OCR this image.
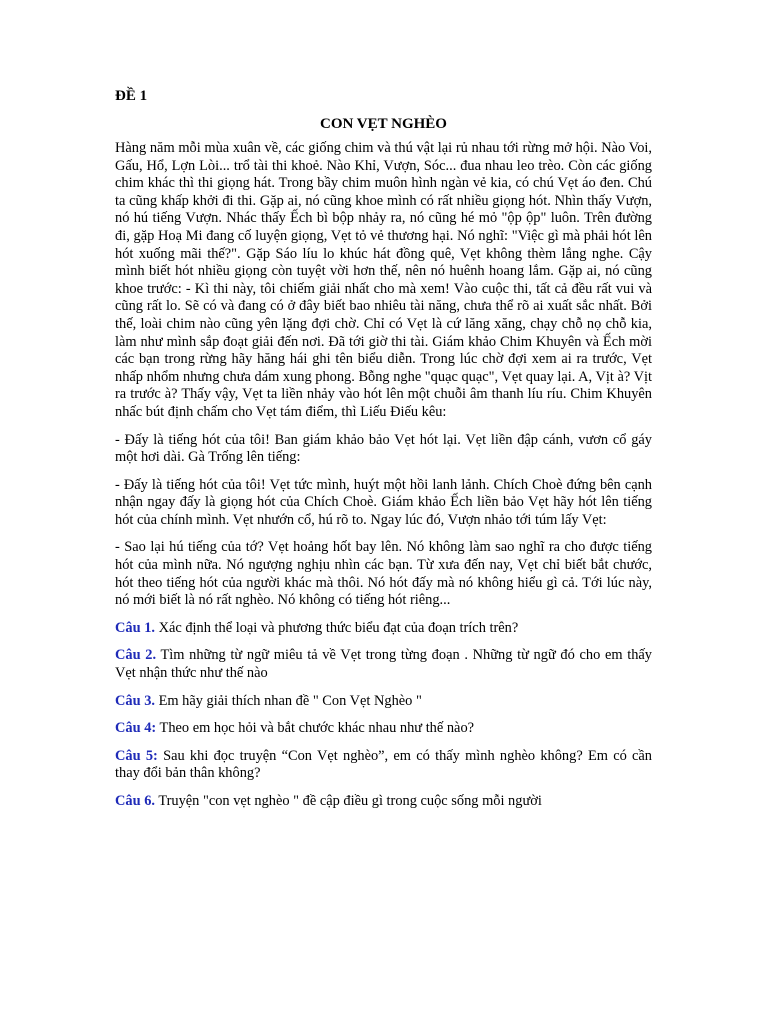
ĐỀ 1

CON VẸT NGHÈO

Hàng năm mỗi mùa xuân về, các giống chim và thú vật lại rủ nhau tới rừng mở hội. Nào Voi, Gấu, Hổ, Lợn Lòi... trổ tài thi khoẻ. Nào Khỉ, Vượn, Sóc... đua nhau leo trèo. Còn các giống chim khác thì thi giọng hát. Trong bầy chim muôn hình ngàn vẻ kia, có chú Vẹt áo đen. Chú ta cũng khấp khởi đi thi. Gặp ai, nó cũng khoe mình có rất nhiều giọng hót. Nhìn thấy Vượn, nó hú tiếng Vượn. Nhác thấy Ếch bì bộp nhảy ra, nó cũng hé mỏ "ộp ộp" luôn. Trên đường đi, gặp Hoạ Mi đang cố luyện giọng, Vẹt tỏ vẻ thương hại. Nó nghĩ: "Việc gì mà phải hót lên hót xuống mãi thế?". Gặp Sáo líu lo khúc hát đồng quê, Vẹt không thèm lắng nghe. Cậy mình biết hót nhiều giọng còn tuyệt vời hơn thế, nên nó huênh hoang lắm. Gặp ai, nó cũng khoe trước: - Kì thi này, tôi chiếm giải nhất cho mà xem! Vào cuộc thi, tất cả đều rất vui và cũng rất lo. Sẽ có và đang có ở đây biết bao nhiêu tài năng, chưa thể rõ ai xuất sắc nhất. Bởi thế, loài chim nào cũng yên lặng đợi chờ. Chỉ có Vẹt là cứ lăng xăng, chạy chỗ nọ chỗ kia, làm như mình sắp đoạt giải đến nơi. Đã tới giờ thi tài. Giám khảo Chim Khuyên và Ếch mời các bạn trong rừng hãy hăng hái ghi tên biểu diễn. Trong lúc chờ đợi xem ai ra trước, Vẹt nhấp nhổm nhưng chưa dám xung phong. Bỗng nghe "quạc quạc", Vẹt quay lại. A, Vịt à? Vịt ra trước à? Thấy vậy, Vẹt ta liền nhảy vào hót lên một chuỗi âm thanh líu ríu. Chim Khuyên nhấc bút định chấm cho Vẹt tám điểm, thì Liếu Điếu kêu:

- Đấy là tiếng hót của tôi! Ban giám khảo bảo Vẹt hót lại. Vẹt liền đập cánh, vươn cổ gáy một hơi dài. Gà Trống lên tiếng:

- Đấy là tiếng hót của tôi! Vẹt tức mình, huýt một hồi lanh lảnh. Chích Choè đứng bên cạnh nhận ngay đấy là giọng hót của Chích Choè. Giám khảo Ếch liền bảo Vẹt hãy hót lên tiếng hót của chính mình. Vẹt nhướn cổ, hú rõ to. Ngay lúc đó, Vượn nhảo tới túm lấy Vẹt:

- Sao lại hú tiếng của tớ? Vẹt hoảng hốt bay lên. Nó không làm sao nghĩ ra cho được tiếng hót của mình nữa. Nó ngượng nghịu nhìn các bạn. Từ xưa đến nay, Vẹt chỉ biết bắt chước, hót theo tiếng hót của người khác mà thôi. Nó hót đấy mà nó không hiểu gì cả. Tới lúc này, nó mới biết là nó rất nghèo. Nó không có tiếng hót riêng...

Câu 1. Xác định thể loại và phương thức biểu đạt của đoạn trích trên?

Câu 2. Tìm những từ ngữ miêu tả về Vẹt trong từng đoạn . Những từ ngữ đó cho em thấy Vẹt nhận thức như thế nào

Câu 3. Em hãy giải thích nhan đề " Con Vẹt Nghèo "

Câu 4: Theo em học hỏi và bắt chước khác nhau như thế nào?

Câu 5: Sau khi đọc truyện “Con Vẹt nghèo”, em có thấy mình nghèo không? Em có cần thay đổi bản thân không?

Câu 6. Truyện "con vẹt nghèo " đề cập điều gì trong cuộc sống mỗi người
